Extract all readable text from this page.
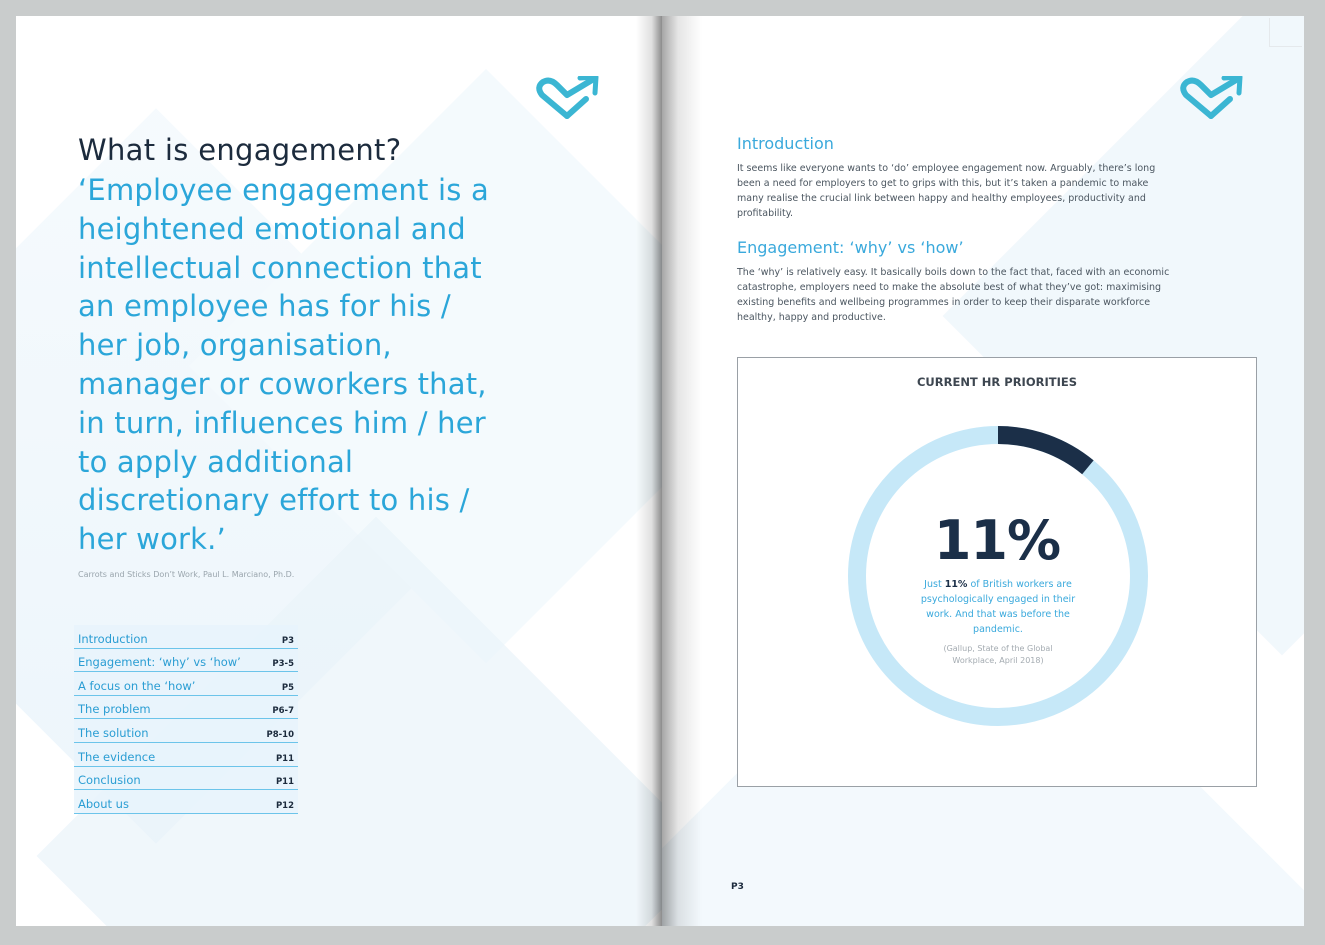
What is engagement?

‘Employee engagement is a heightened emotional and intellectual connection that an employee has for his / her job, organisation, manager or coworkers that, in turn, influences him / her to apply additional discretionary effort to his / her work.’

Carrots and Sticks Don’t Work, Paul L. Marciano, Ph.D.
Introduction	P3
Engagement: ‘why’ vs ‘how’	P3-5
A focus on the ‘how’	P5
The problem	P6-7
The solution	P8-10
The evidence	P11
Conclusion	P11
About us	P12
Introduction

It seems like everyone wants to ‘do’ employee engagement now. Arguably, there’s long been a need for employers to get to grips with this, but it’s taken a pandemic to make many realise the crucial link between happy and healthy employees, productivity and profitability.

Engagement: ‘why’ vs ‘how’

The ‘why’ is relatively easy. It basically boils down to the fact that, faced with an economic catastrophe, employers need to make the absolute best of what they’ve got: maximising existing benefits and wellbeing programmes in order to keep their disparate workforce healthy, happy and productive.

CURRENT HR PRIORITIES
11%
Just 11% of British workers are psychologically engaged in their work. And that was before the pandemic.
(Gallup, State of the Global Workplace, April 2018)
P3
